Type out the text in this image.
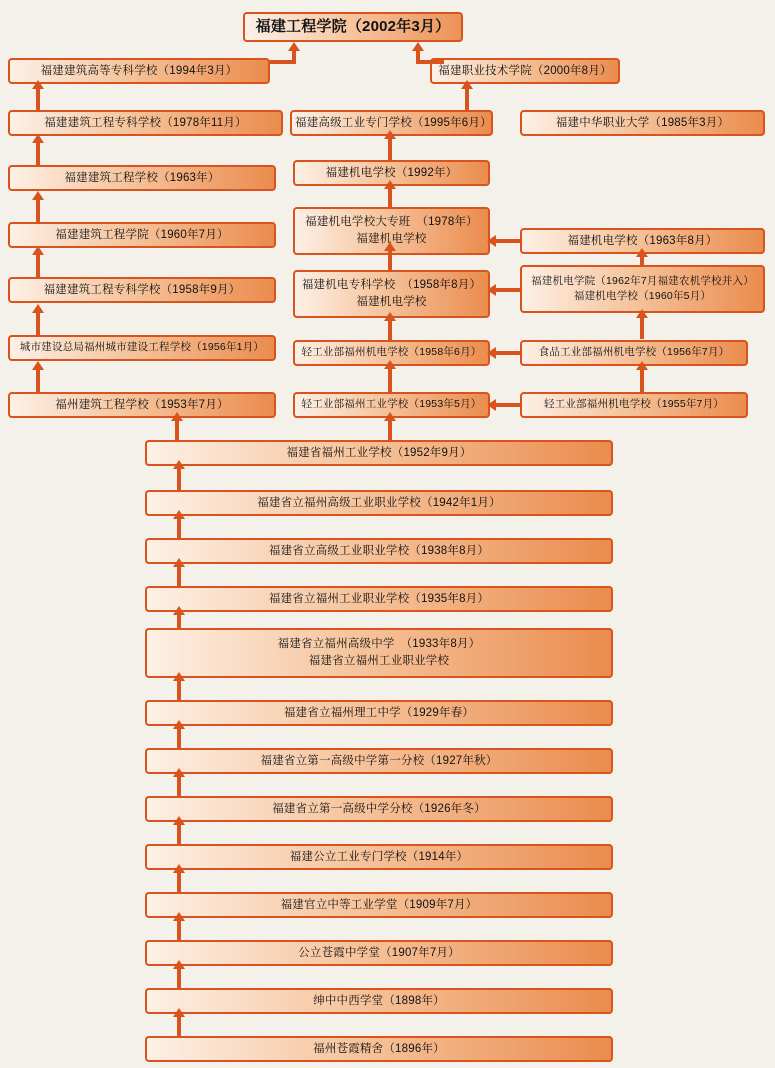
福建工程学院（2002年3月）
福建建筑高等专科学校（1994年3月）	福建职业技术学院（2000年8月）
福建建筑工程专科学校（1978年11月）	福建高级工业专门学校（1995年6月）	福建中华职业大学（1985年3月）
福建建筑工程学校（1963年）	福建机电学校（1992年）
福建建筑工程学院（1960年7月）
福建机电学校大专班　（1978年）
福建机电学校	福建机电学校（1963年8月）
福建建筑工程专科学校（1958年9月）	福建机电专科学校　（1958年8月）
福建机电学校
福建机电学院（1962年7月福建农机学校并入）
福建机电学校（1960年5月）
城市建设总局福州城市建设工程学校（1956年1月）	轻工业部福州机电学校（1958年6月）	食品工业部福州机电学校（1956年7月）
福州建筑工程学校（1953年7月）	轻工业部福州工业学校（1953年5月）	轻工业部福州机电学校（1955年7月）
福建省福州工业学校（1952年9月）
福建省立福州高级工业职业学校（1942年1月）
福建省立高级工业职业学校（1938年8月）
福建省立福州工业职业学校（1935年8月）
福建省立福州高级中学　（1933年8月）
福建省立福州工业职业学校
福建省立福州理工中学（1929年春）
福建省立第一高级中学第一分校（1927年秋）
福建省立第一高级中学分校（1926年冬）
福建公立工业专门学校（1914年）
福建官立中等工业学堂（1909年7月）
公立苍霞中学堂（1907年7月）
绅中中西学堂（1898年）
福州苍霞精舍（1896年）
